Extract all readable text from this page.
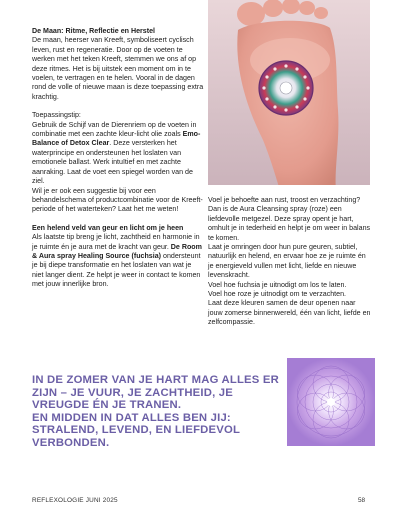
De Maan: Ritme, Reflectie en Herstel
De maan, heerser van Kreeft, symboliseert cyclisch leven, rust en regeneratie. Door op de voeten te werken met het teken Kreeft, stemmen we ons af op deze ritmes. Het is bij uitstek een moment om in te voelen, te vertragen en te helen. Vooral in de dagen rond de volle of nieuwe maan is deze toepassing extra krachtig.

Toepassingstip:
Gebruik de Schijf van de Dierenriem op de voeten in combinatie met een zachte kleur-licht olie zoals Emo-Balance of Detox Clear. Deze versterken het waterprincipe en ondersteunen het loslaten van emotionele ballast. Werk intuïtief en met zachte aanraking. Laat de voet een spiegel worden van de ziel.
Wil je er ook een suggestie bij voor een behandelschema of productcombinatie voor de Kreeft-periode of het waterteken? Laat het me weten!

Een helend veld van geur en licht om je heen
Als laatste tip breng je licht, zachtheid en harmonie in je ruimte én je aura met de kracht van geur. De Room & Aura spray Healing Source (fuchsia) ondersteunt je bij diepe transformatie en het loslaten van wat je niet langer dient. Ze helpt je weer in contact te komen met jouw innerlijke bron.

Voel je behoefte aan rust, troost en verzachting? Dan is de Aura Cleansing spray (roze) een liefdevolle metgezel. Deze spray opent je hart, omhult je in tederheid en helpt je om weer in balans te komen.

Laat je omringen door hun pure geuren, subtiel, natuurlijk en helend, en ervaar hoe ze je ruimte én je energieveld vullen met licht, liefde en nieuwe levenskracht.

Voel hoe fuchsia je uitnodigt om los te laten.

Voel hoe roze je uitnodigt om te verzachten.

Laat deze kleuren samen de deur openen naar jouw zomerse binnenwereld, één van licht, liefde en zelfcompassie.

IN DE ZOMER VAN JE HART MAG ALLES ER ZIJN – JE VUUR, JE ZACHTHEID, JE VREUGDE ÉN JE TRANEN.

EN MIDDEN IN DAT ALLES BEN JIJ: STRALEND, LEVEND, EN LIEFDEVOL VERBONDEN.

REFLEXOLOGIE JUNI 2025	58
